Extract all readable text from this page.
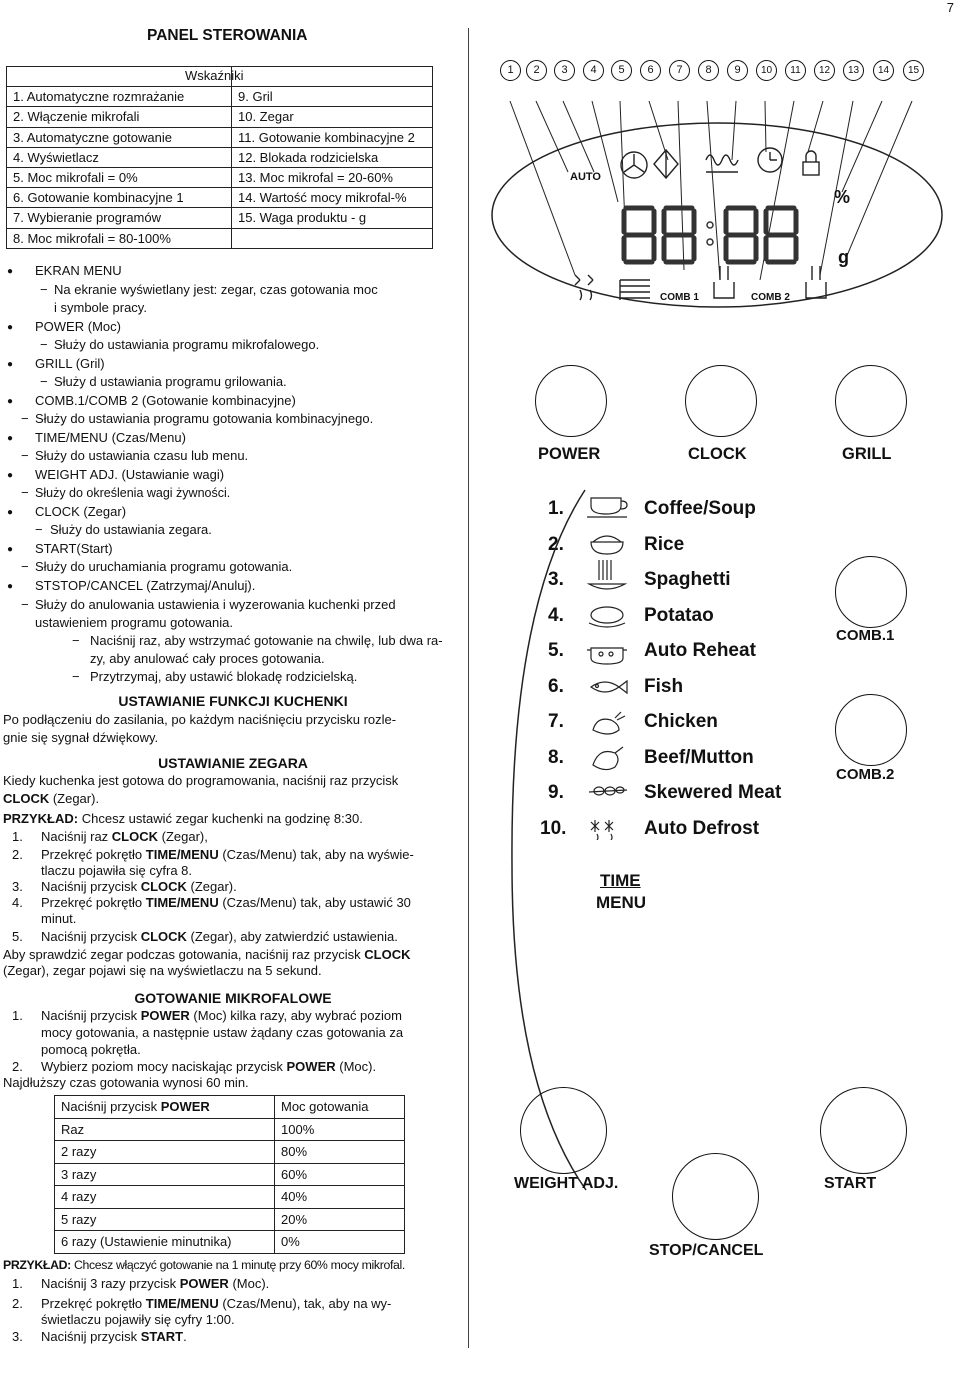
7
PANEL STEROWANIA

	Wskaźniki

1. Automatyczne rozmrażanie	9. Gril
2. Włączenie mikrofali	10. Zegar
3. Automatyczne gotowanie	11. Gotowanie kombinacyjne 2
4. Wyświetlacz	12. Blokada rodzicielska
5. Moc mikrofali = 0%	13. Moc mikrofal = 20-60%
6. Gotowanie kombinacyjne 1	14. Wartość mocy mikrofal-%
7. Wybieranie programów	15. Waga produktu - g
8. Moc mikrofali = 80-100%	
● EKRAN MENU
− Na ekranie wyświetlany jest: zegar, czas gotowania moc
i symbole pracy.
● POWER (Moc)
− Służy do ustawiania programu mikrofalowego.
● GRILL (Gril)
− Służy d ustawiania programu grilowania.
● COMB.1/COMB 2 (Gotowanie kombinacyjne)
− Służy do ustawiania programu gotowania kombinacyjnego.
● TIME/MENU (Czas/Menu)
− Służy do ustawiania czasu lub menu.
● WEIGHT ADJ. (Ustawianie wagi)
− Służy do określenia wagi żywności.
● CLOCK (Zegar)
− Służy do ustawiania zegara.
● START(Start)
− Służy do uruchamiania programu gotowania.
● STSTOP/CANCEL (Zatrzymaj/Anuluj).
− Służy do anulowania ustawienia i wyzerowania kuchenki przed
ustawieniem programu gotowania.
− Naciśnij raz, aby wstrzymać gotowanie na chwilę, lub dwa ra-
zy, aby anulować cały proces gotowania.
− Przytrzymaj, aby ustawić blokadę rodzicielską.
USTAWIANIE FUNKCJI KUCHENKI
Po podłączeniu do zasilania, po każdym naciśnięciu przycisku rozle-
gnie się sygnał dźwiękowy.
USTAWIANIE ZEGARA
Kiedy kuchenka jest gotowa do programowania, naciśnij raz przycisk
CLOCK (Zegar).
PRZYKŁAD: Chcesz ustawić zegar kuchenki na godzinę 8:30.
1. Naciśnij raz CLOCK (Zegar),
2. Przekręć pokrętło TIME/MENU (Czas/Menu) tak, aby na wyświe-
tlaczu pojawiła się cyfra 8.
3. Naciśnij przycisk CLOCK (Zegar).
4. Przekręć pokrętło TIME/MENU (Czas/Menu) tak, aby ustawić 30
minut.
5. Naciśnij przycisk CLOCK (Zegar), aby zatwierdzić ustawienia.
Aby sprawdzić zegar podczas gotowania, naciśnij raz przycisk CLOCK
(Zegar), zegar pojawi się na wyświetlaczu na 5 sekund.
GOTOWANIE MIKROFALOWE
1. Naciśnij przycisk POWER (Moc) kilka razy, aby wybrać poziom
mocy gotowania, a następnie ustaw żądany czas gotowania za
pomocą pokrętła.
2. Wybierz poziom mocy naciskając przycisk POWER (Moc).
Najdłuższy czas gotowania wynosi 60 min.
Naciśnij przycisk POWER	Moc gotowania
Raz	100%
2 razy	80%
3 razy	60%
4 razy	40%
5 razy	20%
6 razy (Ustawienie minutnika)	0%
PRZYKŁAD: Chcesz włączyć gotowanie na 1 minutę przy 60% mocy mikrofal.
1. Naciśnij 3 razy przycisk POWER (Moc).
2. Przekręć pokrętło TIME/MENU (Czas/Menu), tak, aby na wy-
świetlaczu pojawiły się cyfry 1:00.
3. Naciśnij przycisk START.
1	2	3	4	5	6	7	8	9	10	11	12	13	14	15
AUTO
%
g
COMB 1	COMB 2
POWER	CLOCK	GRILL
1.	Coffee/Soup
2.	Rice
3.	Spaghetti
4.	Potatao
5.	Auto Reheat
6.	Fish
7.	Chicken
8.	Beef/Mutton
9.	Skewered Meat
10.	Auto Defrost
COMB.1
COMB.2
TIME
MENU
WEIGHT ADJ.	START
STOP/CANCEL
